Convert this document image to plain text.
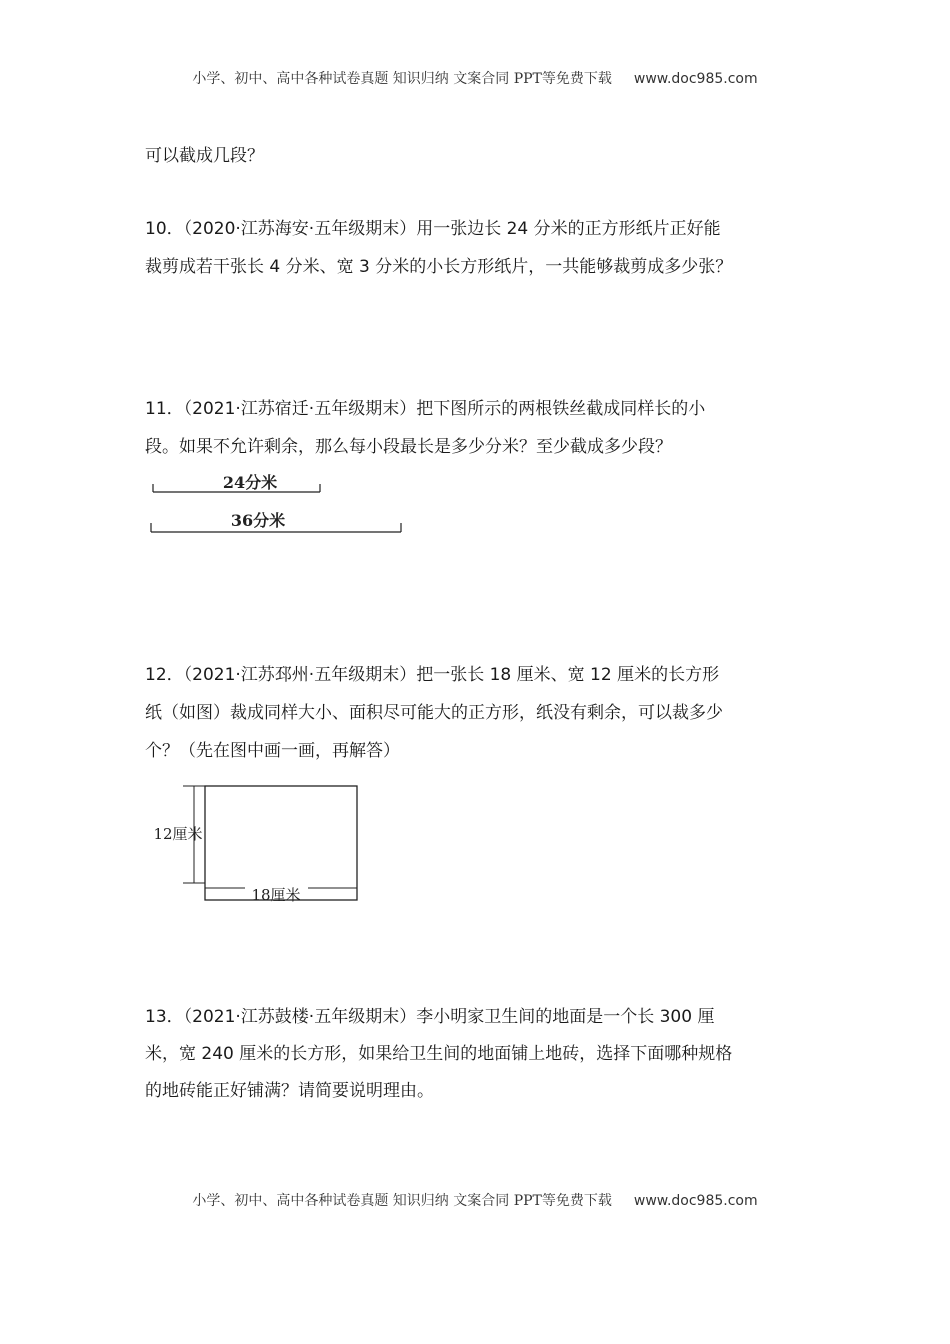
小学、初中、高中各种试卷真题 知识归纳 文案合同 PPT等免费下载 www.doc985.com
可以截成几段？
10．（2020·江苏海安·五年级期末）用一张边长 24 分米的正方形纸片正好能
裁剪成若干张长 4 分米、宽 3 分米的小长方形纸片，一共能够裁剪成多少张？
11．（2021·江苏宿迁·五年级期末）把下图所示的两根铁丝截成同样长的小
段。如果不允许剩余，那么每小段最长是多少分米？至少截成多少段？
24分米
36分米
12．（2021·江苏邳州·五年级期末）把一张长 18 厘米、宽 12 厘米的长方形
纸（如图）裁成同样大小、面积尽可能大的正方形，纸没有剩余，可以裁多少
个？（先在图中画一画，再解答）
12厘米
18厘米
13．（2021·江苏鼓楼·五年级期末）李小明家卫生间的地面是一个长 300 厘
米，宽 240 厘米的长方形，如果给卫生间的地面铺上地砖，选择下面哪种规格
的地砖能正好铺满？请简要说明理由。
小学、初中、高中各种试卷真题 知识归纳 文案合同 PPT等免费下载 www.doc985.com
